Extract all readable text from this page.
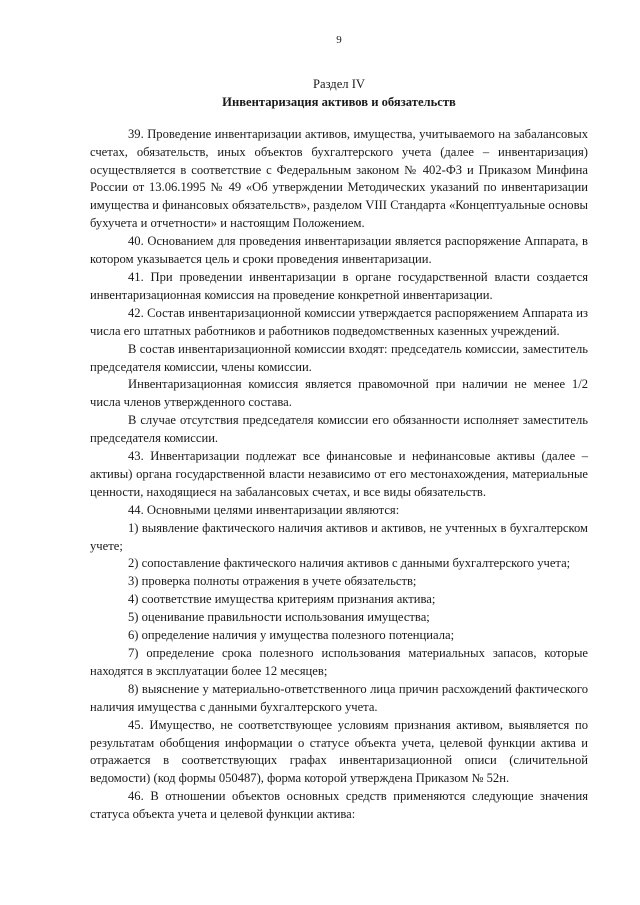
9
Раздел IV
Инвентаризация активов и обязательств

39. Проведение инвентаризации активов, имущества, учитываемого на забалансовых счетах, обязательств, иных объектов бухгалтерского учета (далее – инвентаризация) осуществляется в соответствие с Федеральным законом № 402-ФЗ и Приказом Минфина России от 13.06.1995 № 49 «Об утверждении Методических указаний по инвентаризации имущества и финансовых обязательств», разделом VIII Стандарта «Концептуальные основы бухучета и отчетности» и настоящим Положением.

40. Основанием для проведения инвентаризации является распоряжение Аппарата, в котором указывается цель и сроки проведения инвентаризации.

41. При проведении инвентаризации в органе государственной власти создается инвентаризационная комиссия на проведение конкретной инвентаризации.

42. Состав инвентаризационной комиссии утверждается распоряжением Аппарата из числа его штатных работников и работников подведомственных казенных учреждений.

В состав инвентаризационной комиссии входят: председатель комиссии, заместитель председателя комиссии, члены комиссии.

Инвентаризационная комиссия является правомочной при наличии не менее 1/2 числа членов утвержденного состава.

В случае отсутствия председателя комиссии его обязанности исполняет заместитель председателя комиссии.

43. Инвентаризации подлежат все финансовые и нефинансовые активы (далее – активы) органа государственной власти независимо от его местонахождения, материальные ценности, находящиеся на забалансовых счетах, и все виды обязательств.

44. Основными целями инвентаризации являются:

1) выявление фактического наличия активов и активов, не учтенных в бухгалтерском учете;

2) сопоставление фактического наличия активов с данными бухгалтерского учета;

3) проверка полноты отражения в учете обязательств;

4) соответствие имущества критериям признания актива;

5) оценивание правильности использования имущества;

6) определение наличия у имущества полезного потенциала;

7) определение срока полезного использования материальных запасов, которые находятся в эксплуатации более 12 месяцев;

8) выяснение у материально-ответственного лица причин расхождений фактического наличия имущества с данными бухгалтерского учета.

45. Имущество, не соответствующее условиям признания активом, выявляется по результатам обобщения информации о статусе объекта учета, целевой функции актива и отражается в соответствующих графах инвентаризационной описи (сличительной ведомости) (код формы 050487), форма которой утверждена Приказом № 52н.

46. В отношении объектов основных средств применяются следующие значения статуса объекта учета и целевой функции актива:
